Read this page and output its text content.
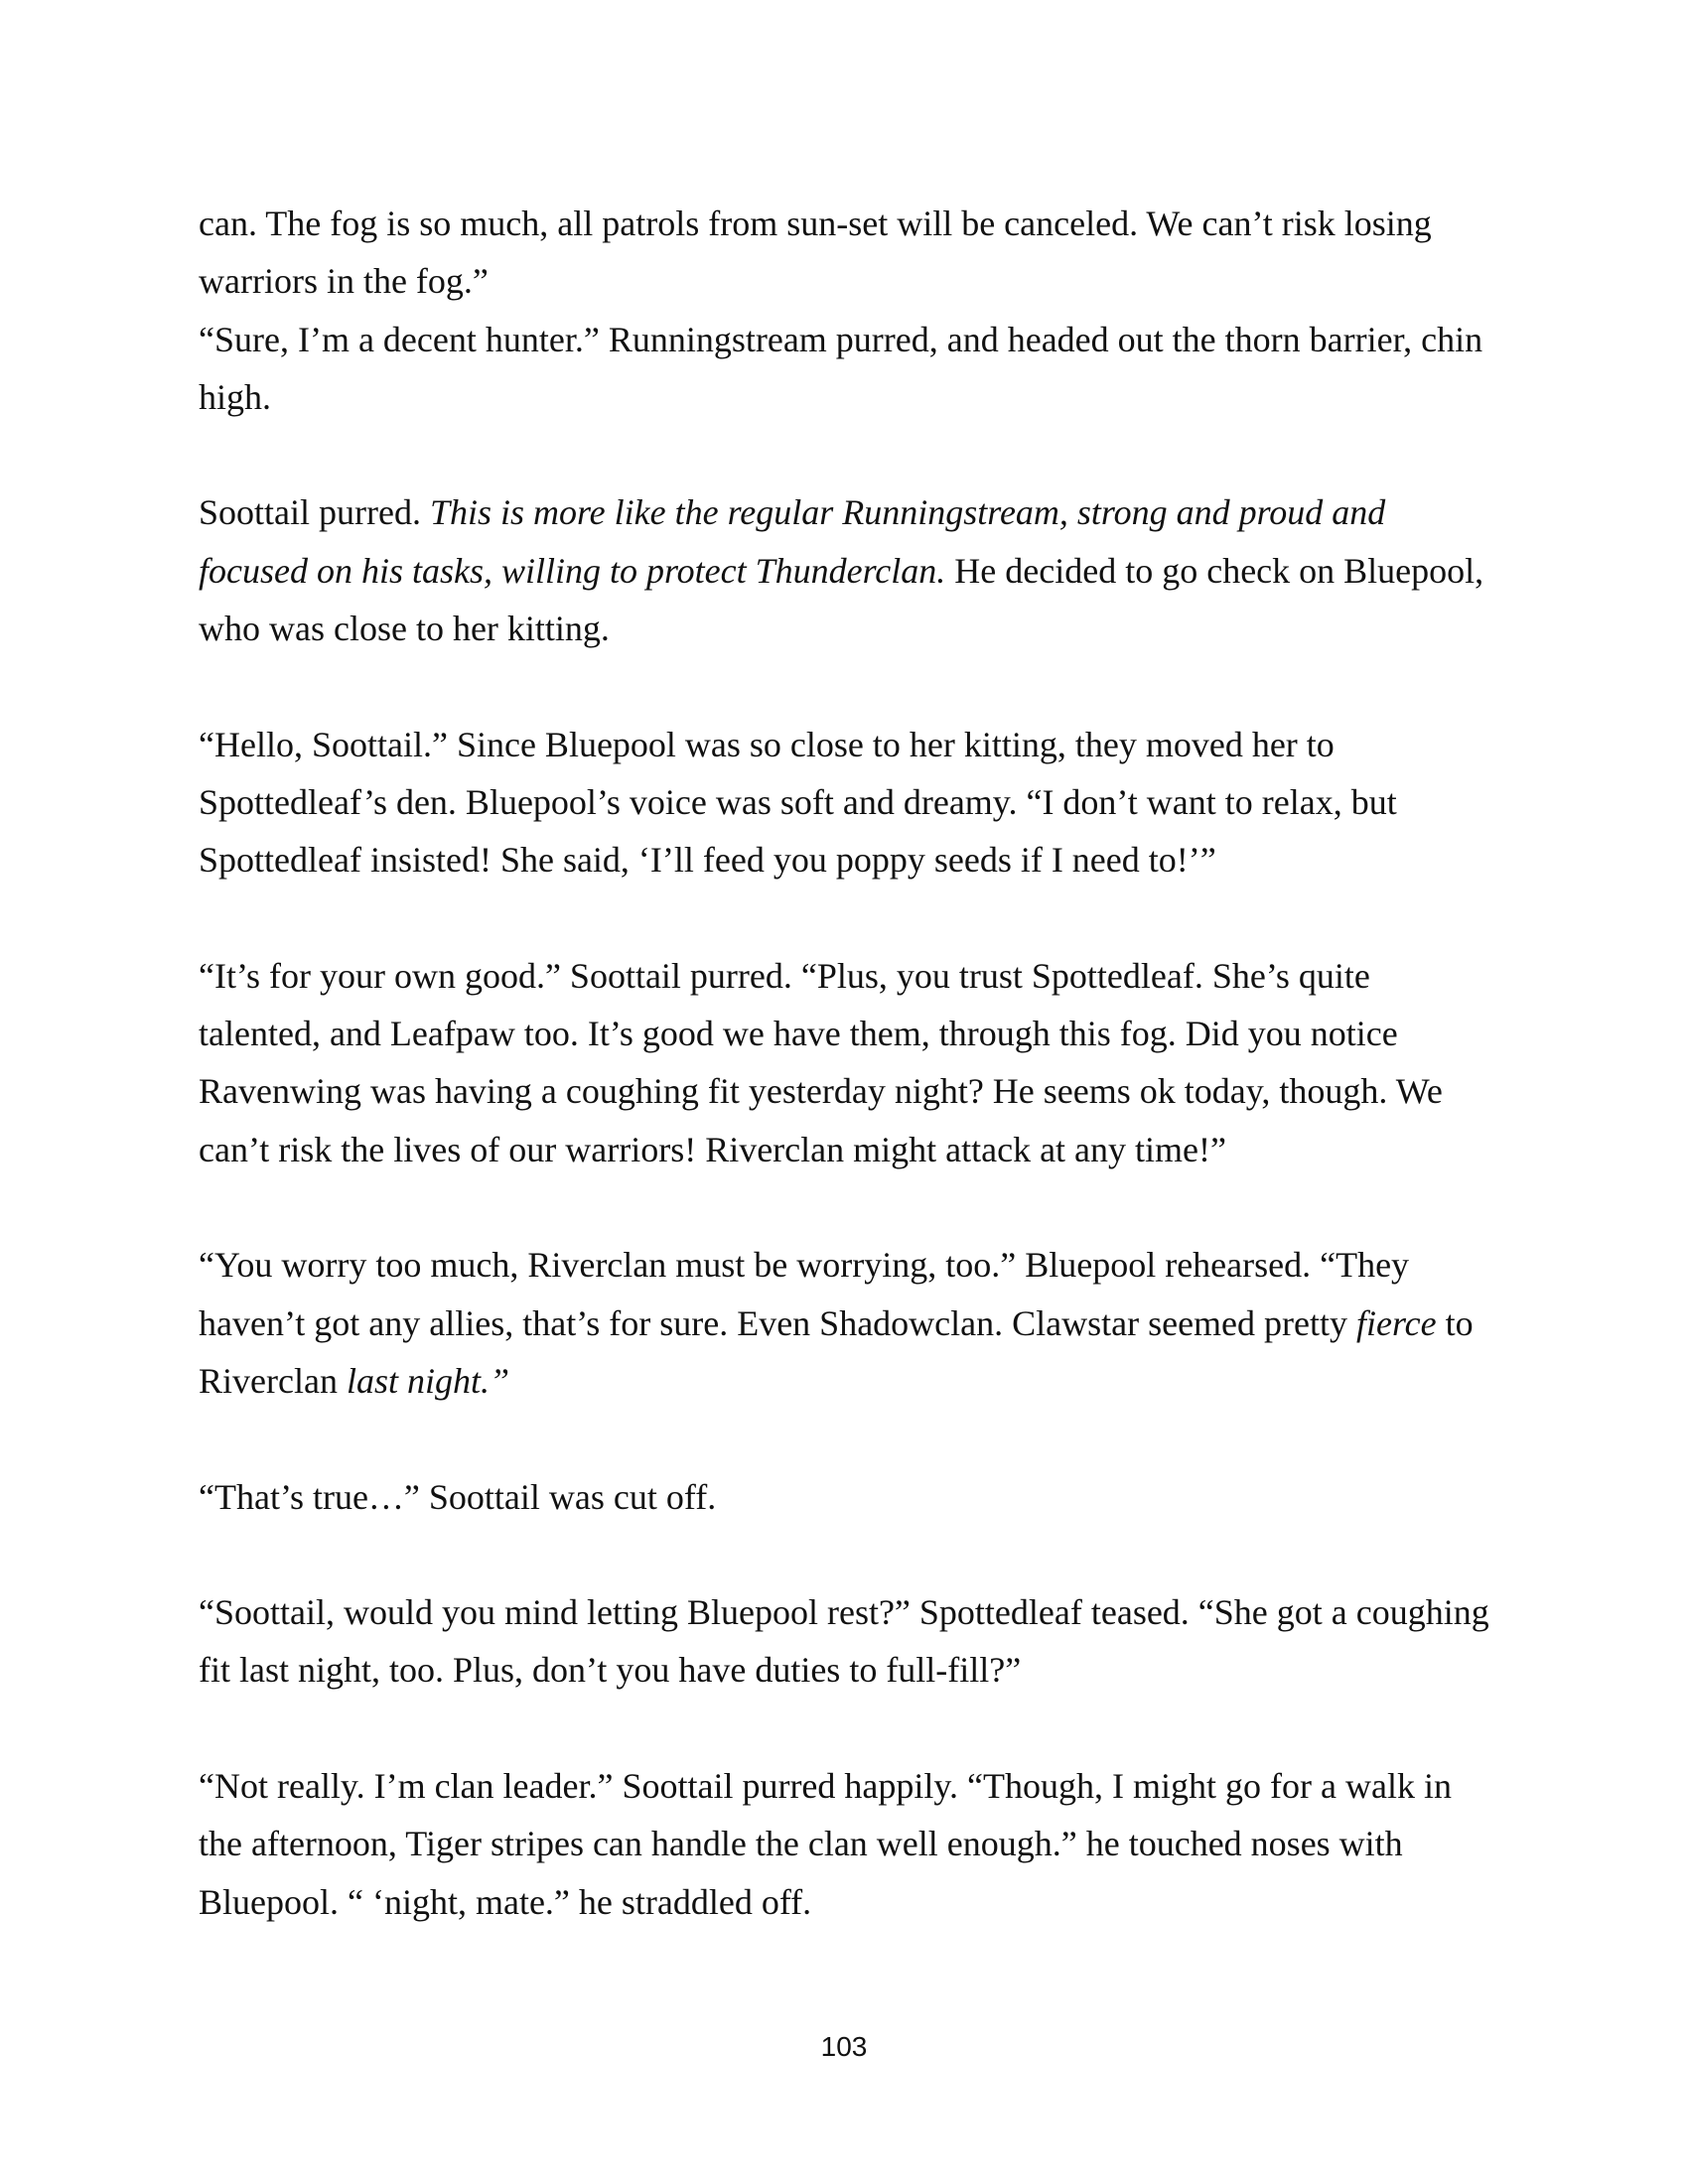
can. The fog is so much, all patrols from sun-set will be canceled. We can’t risk losing warriors in the fog.”

“Sure, I’m a decent hunter.” Runningstream purred, and headed out the thorn barrier, chin high.

Soottail purred. This is more like the regular Runningstream, strong and proud and focused on his tasks, willing to protect Thunderclan. He decided to go check on Bluepool, who was close to her kitting.

“Hello, Soottail.” Since Bluepool was so close to her kitting, they moved her to Spottedleaf’s den. Bluepool’s voice was soft and dreamy. “I don’t want to relax, but Spottedleaf insisted! She said, ‘I’ll feed you poppy seeds if I need to!’”

“It’s for your own good.” Soottail purred. “Plus, you trust Spottedleaf. She’s quite talented, and Leafpaw too. It’s good we have them, through this fog. Did you notice Ravenwing was having a coughing fit yesterday night? He seems ok today, though. We can’t risk the lives of our warriors! Riverclan might attack at any time!”

“You worry too much, Riverclan must be worrying, too.” Bluepool rehearsed. “They haven’t got any allies, that’s for sure. Even Shadowclan. Clawstar seemed pretty fierce to Riverclan last night.”

“That’s true…” Soottail was cut off.

“Soottail, would you mind letting Bluepool rest?” Spottedleaf teased. “She got a coughing fit last night, too. Plus, don’t you have duties to full-fill?”

“Not really. I’m clan leader.” Soottail purred happily. “Though, I might go for a walk in the afternoon, Tiger stripes can handle the clan well enough.” he touched noses with Bluepool. “ ‘night, mate.” he straddled off.

103
